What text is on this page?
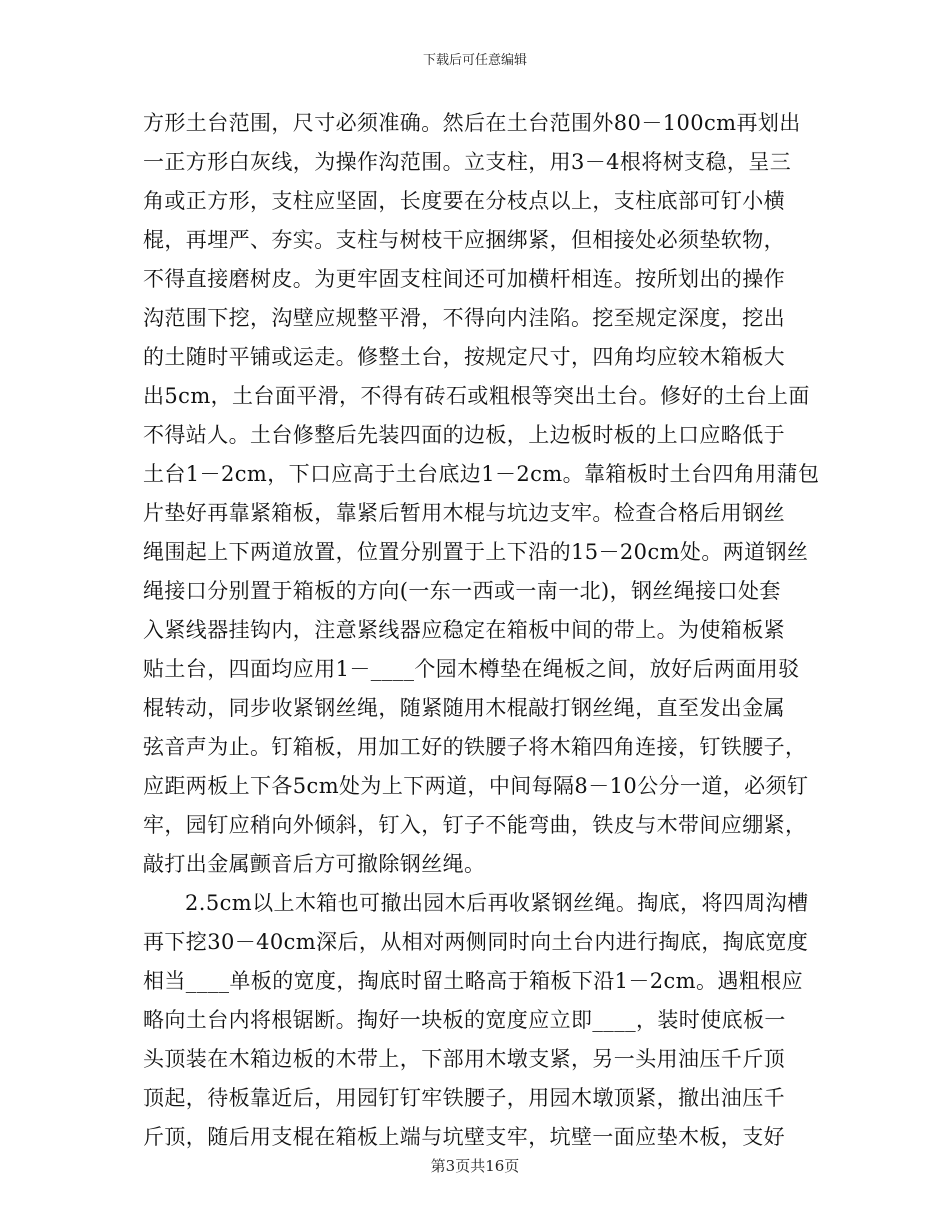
下载后可任意编辑

方形土台范围，尺寸必须准确。然后在土台范围外80－100cm再划出
一正方形白灰线，为操作沟范围。立支柱，用3－4根将树支稳，呈三
角或正方形，支柱应坚固，长度要在分枝点以上，支柱底部可钉小横
棍，再埋严、夯实。支柱与树枝干应捆绑紧，但相接处必须垫软物，
不得直接磨树皮。为更牢固支柱间还可加横杆相连。按所划出的操作
沟范围下挖，沟壁应规整平滑，不得向内洼陷。挖至规定深度，挖出
的土随时平铺或运走。修整土台，按规定尺寸，四角均应较木箱板大
出5cm，土台面平滑，不得有砖石或粗根等突出土台。修好的土台上面
不得站人。土台修整后先装四面的边板，上边板时板的上口应略低于
土台1－2cm，下口应高于土台底边1－2cm。靠箱板时土台四角用蒲包
片垫好再靠紧箱板，靠紧后暂用木棍与坑边支牢。检查合格后用钢丝
绳围起上下两道放置，位置分别置于上下沿的15－20cm处。两道钢丝
绳接口分别置于箱板的方向(一东一西或一南一北)，钢丝绳接口处套
入紧线器挂钩内，注意紧线器应稳定在箱板中间的带上。为使箱板紧
贴土台，四面均应用1－____个园木樽垫在绳板之间，放好后两面用驳
棍转动，同步收紧钢丝绳，随紧随用木棍敲打钢丝绳，直至发出金属
弦音声为止。钉箱板，用加工好的铁腰子将木箱四角连接，钉铁腰子，
应距两板上下各5cm处为上下两道，中间每隔8－10公分一道，必须钉
牢，园钉应稍向外倾斜，钉入，钉子不能弯曲，铁皮与木带间应绷紧，
敲打出金属颤音后方可撤除钢丝绳。

2.5cm以上木箱也可撤出园木后再收紧钢丝绳。掏底，将四周沟槽
再下挖30－40cm深后，从相对两侧同时向土台内进行掏底，掏底宽度
相当____单板的宽度，掏底时留土略高于箱板下沿1－2cm。遇粗根应
略向土台内将根锯断。掏好一块板的宽度应立即____，装时使底板一
头顶装在木箱边板的木带上，下部用木墩支紧，另一头用油压千斤顶
顶起，待板靠近后，用园钉钉牢铁腰子，用园木墩顶紧，撤出油压千
斤顶，随后用支棍在箱板上端与坑壁支牢，坑壁一面应垫木板，支好

第3页共16页
